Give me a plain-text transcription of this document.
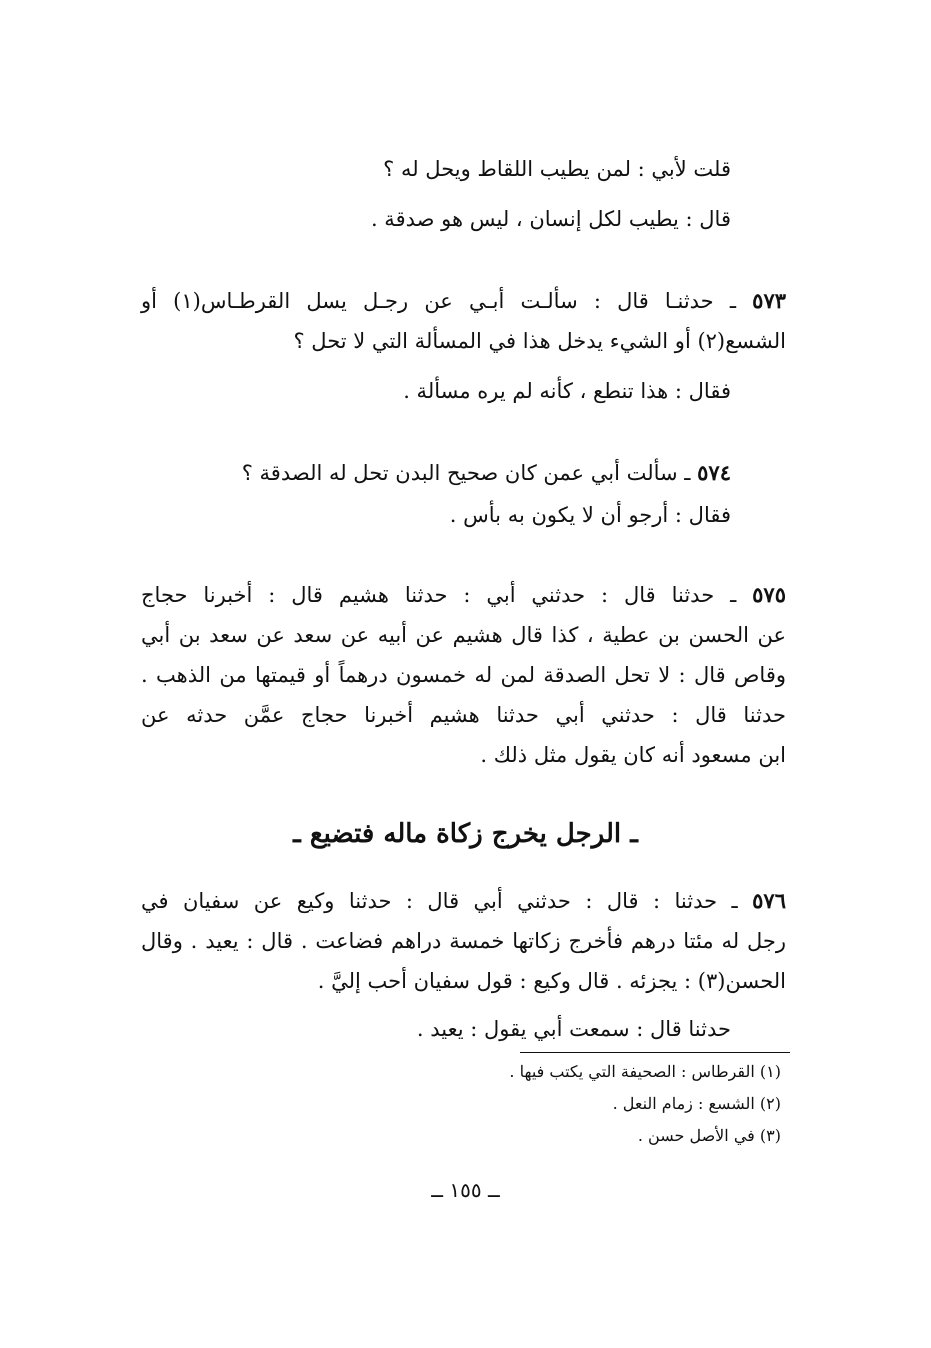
قلت لأبي : لمن يطيب اللقاط ويحل له ؟
قال : يطيب لكل إنسان ، ليس هو صدقة .
٥٧٣ ـ حدثنـا قال : سألـت أبـي عن رجـل يسل القرطـاس(١) أو
الشسع(٢) أو الشيء يدخل هذا في المسألة التي لا تحل ؟
فقال : هذا تنطع ، كأنه لم يره مسألة .
٥٧٤ ـ سألت أبي عمن كان صحيح البدن تحل له الصدقة ؟
فقال : أرجو أن لا يكون به بأس .
٥٧٥ ـ حدثنا قال : حدثني أبي : حدثنا هشيم قال : أخبرنا حجاج
عن الحسن بن عطية ، كذا قال هشيم عن أبيه عن سعد عن سعد بن أبي
وقاص قال : لا تحل الصدقة لمن له خمسون درهماً أو قيمتها من الذهب .
حدثنا قال : حدثني أبي حدثنا هشيم أخبرنا حجاج عمَّن حدثه عن
ابن مسعود أنه كان يقول مثل ذلك .
ـ الرجل يخرج زكاة ماله فتضيع ـ
٥٧٦ ـ حدثنا : قال : حدثني أبي قال : حدثنا وكيع عن سفيان في
رجل له مئتا درهم فأخرج زكاتها خمسة دراهم فضاعت . قال : يعيد . وقال
الحسن(٣) : يجزئه . قال وكيع : قول سفيان أحب إليَّ .
حدثنا قال : سمعت أبي يقول : يعيد .
(١) القرطاس : الصحيفة التي يكتب فيها .
(٢) الشسع : زمام النعل .
(٣) في الأصل حسن .
ــ ١٥٥ ــ
